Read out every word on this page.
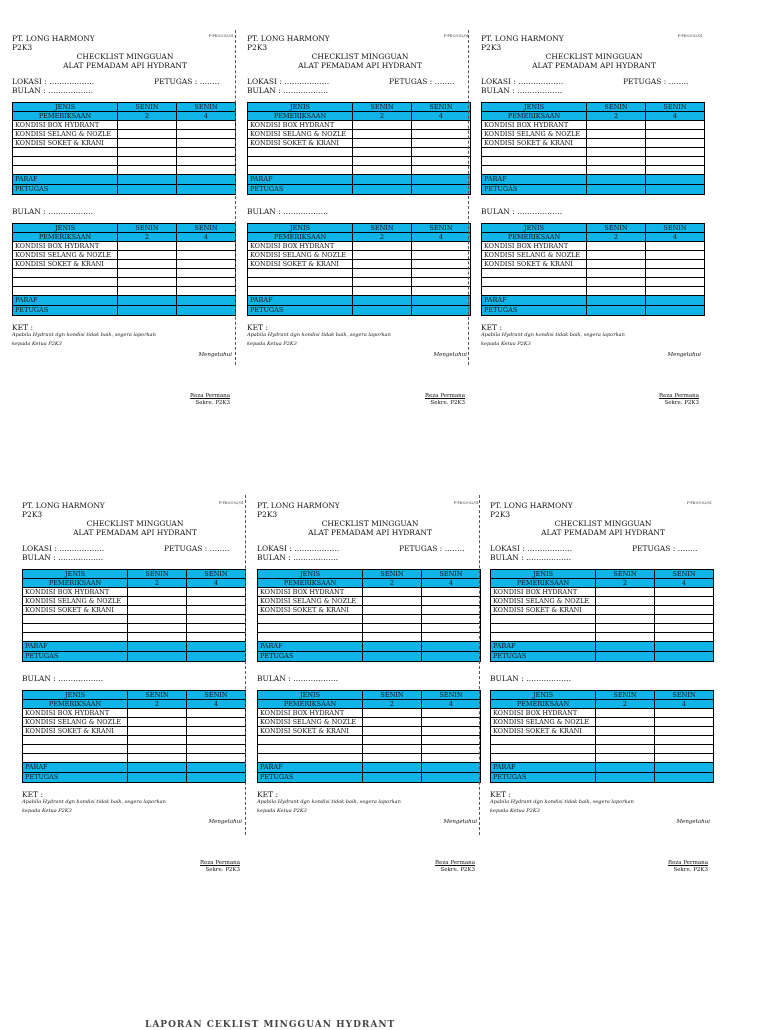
F-PK-03-02/01
PT. LONG HARMONY
P2K3
CHECKLIST MINGGUAN
ALAT PEMADAM API HYDRANT
LOKASI : ………………	PETUGAS : ……..
BULAN : ………………
JENIS	SENIN	SENIN
PEMERIKSAAN	2	4
KONDISI BOX HYDRANT		
KONDISI SELANG & NOZLE		
KONDISI SOKET & KRANI		

PARAF		
PETUGAS		
BULAN : ………………
JENIS	SENIN	SENIN
PEMERIKSAAN	2	4
KONDISI BOX HYDRANT		
KONDISI SELANG & NOZLE		
KONDISI SOKET & KRANI		

PARAF		
PETUGAS		
KET :
Apabila Hydrant dgn kondisi tidak baik, segera laporkan
kepada Ketua P2K3
Mengetahui
Reza Permana
Sekre. P2K3
F-PK-03-02/01
PT. LONG HARMONY
P2K3
CHECKLIST MINGGUAN
ALAT PEMADAM API HYDRANT
LOKASI : ………………	PETUGAS : ……..
BULAN : ………………
JENIS	SENIN	SENIN
PEMERIKSAAN	2	4
KONDISI BOX HYDRANT		
KONDISI SELANG & NOZLE		
KONDISI SOKET & KRANI		

PARAF		
PETUGAS		
BULAN : ………………
JENIS	SENIN	SENIN
PEMERIKSAAN	2	4
KONDISI BOX HYDRANT		
KONDISI SELANG & NOZLE		
KONDISI SOKET & KRANI		

PARAF		
PETUGAS		
KET :
Apabila Hydrant dgn kondisi tidak baik, segera laporkan
kepada Ketua P2K3
Mengetahui
Reza Permana
Sekre. P2K3
F-PK-03-02/01
PT. LONG HARMONY
P2K3
CHECKLIST MINGGUAN
ALAT PEMADAM API HYDRANT
LOKASI : ………………	PETUGAS : ……..
BULAN : ………………
JENIS	SENIN	SENIN
PEMERIKSAAN	2	4
KONDISI BOX HYDRANT		
KONDISI SELANG & NOZLE		
KONDISI SOKET & KRANI		

PARAF		
PETUGAS		
BULAN : ………………
JENIS	SENIN	SENIN
PEMERIKSAAN	2	4
KONDISI BOX HYDRANT		
KONDISI SELANG & NOZLE		
KONDISI SOKET & KRANI		

PARAF		
PETUGAS		
KET :
Apabila Hydrant dgn kondisi tidak baik, segera laporkan
kepada Ketua P2K3
Mengetahui
Reza Permana
Sekre. P2K3
F-PK-03-02/01
PT. LONG HARMONY
P2K3
CHECKLIST MINGGUAN
ALAT PEMADAM API HYDRANT
LOKASI : ………………	PETUGAS : ……..
BULAN : ………………
JENIS	SENIN	SENIN
PEMERIKSAAN	2	4
KONDISI BOX HYDRANT		
KONDISI SELANG & NOZLE		
KONDISI SOKET & KRANI		

PARAF		
PETUGAS		
BULAN : ………………
JENIS	SENIN	SENIN
PEMERIKSAAN	2	4
KONDISI BOX HYDRANT		
KONDISI SELANG & NOZLE		
KONDISI SOKET & KRANI		

PARAF		
PETUGAS		
KET :
Apabila Hydrant dgn kondisi tidak baik, segera laporkan
kepada Ketua P2K3
Mengetahui
Reza Permana
Sekre. P2K3
F-PK-03-02/01
PT. LONG HARMONY
P2K3
CHECKLIST MINGGUAN
ALAT PEMADAM API HYDRANT
LOKASI : ………………	PETUGAS : ……..
BULAN : ………………
JENIS	SENIN	SENIN
PEMERIKSAAN	2	4
KONDISI BOX HYDRANT		
KONDISI SELANG & NOZLE		
KONDISI SOKET & KRANI		

PARAF		
PETUGAS		
BULAN : ………………
JENIS	SENIN	SENIN
PEMERIKSAAN	2	4
KONDISI BOX HYDRANT		
KONDISI SELANG & NOZLE		
KONDISI SOKET & KRANI		

PARAF		
PETUGAS		
KET :
Apabila Hydrant dgn kondisi tidak baik, segera laporkan
kepada Ketua P2K3
Mengetahui
Reza Permana
Sekre. P2K3
F-PK-03-02/01
PT. LONG HARMONY
P2K3
CHECKLIST MINGGUAN
ALAT PEMADAM API HYDRANT
LOKASI : ………………	PETUGAS : ……..
BULAN : ………………
JENIS	SENIN	SENIN
PEMERIKSAAN	2	4
KONDISI BOX HYDRANT		
KONDISI SELANG & NOZLE		
KONDISI SOKET & KRANI		

PARAF		
PETUGAS		
BULAN : ………………
JENIS	SENIN	SENIN
PEMERIKSAAN	2	4
KONDISI BOX HYDRANT		
KONDISI SELANG & NOZLE		
KONDISI SOKET & KRANI		

PARAF		
PETUGAS		
KET :
Apabila Hydrant dgn kondisi tidak baik, segera laporkan
kepada Ketua P2K3
Mengetahui
Reza Permana
Sekre. P2K3
LAPORAN CEKLIST MINGGUAN HYDRANT
